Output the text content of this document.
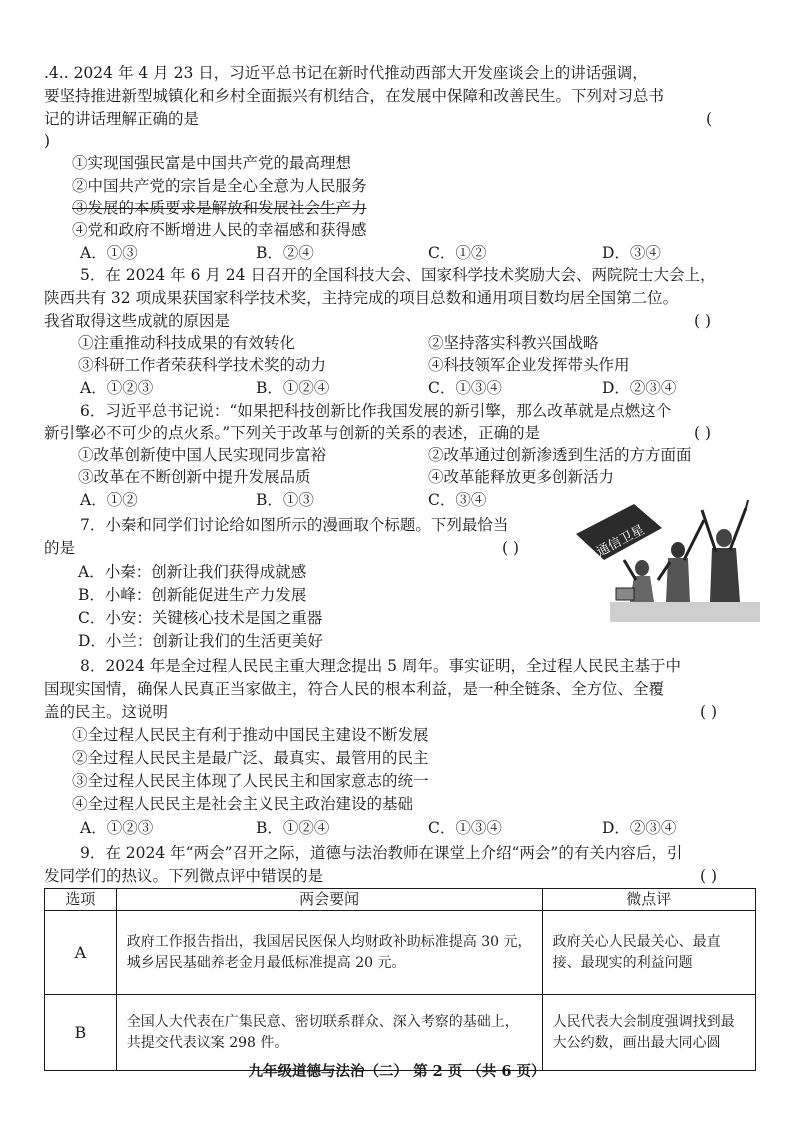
.4.. 2024 年 4 月 23 日，习近平总书记在新时代推动西部大开发座谈会上的讲话强调，
要坚持推进新型城镇化和乡村全面振兴有机结合，在发展中保障和改善民生。下列对习总书
记的讲话理解正确的是	(
)
①实现国强民富是中国共产党的最高理想
②中国共产党的宗旨是全心全意为人民服务
③发展的本质要求是解放和发展社会生产力
④党和政府不断增进人民的幸福感和获得感
A．①③	B．②④	C．①②	D．③④
5．在 2024 年 6 月 24 日召开的全国科技大会、国家科学技术奖励大会、两院院士大会上，
陕西共有 32 项成果获国家科学技术奖，主持完成的项目总数和通用项目数均居全国第二位。
我省取得这些成就的原因是	( )
①注重推动科技成果的有效转化	②坚持落实科教兴国战略
③科研工作者荣获科学技术奖的动力	④科技领军企业发挥带头作用
A．①②③	B．①②④	C．①③④	D．②③④
6．习近平总书记说：“如果把科技创新比作我国发展的新引擎，那么改革就是点燃这个
新引擎必不可少的点火系。”下列关于改革与创新的关系的表述，正确的是	( )
①改革创新使中国人民实现同步富裕	②改革通过创新渗透到生活的方方面面
③改革在不断创新中提升发展品质	④改革能释放更多创新活力
A．①②	B．①③	C．③④
7．小秦和同学们讨论给如图所示的漫画取个标题。下列最恰当
的是	( )
A．小秦：创新让我们获得成就感
B．小峰：创新能促进生产力发展
C．小安：关键核心技术是国之重器
D．小兰：创新让我们的生活更美好
通信卫星
8．2024 年是全过程人民民主重大理念提出 5 周年。事实证明，全过程人民民主基于中
国现实国情，确保人民真正当家做主，符合人民的根本利益，是一种全链条、全方位、全覆
盖的民主。这说明	( )
①全过程人民民主有利于推动中国民主建设不断发展
②全过程人民民主是最广泛、最真实、最管用的民主
③全过程人民民主体现了人民民主和国家意志的统一
④全过程人民民主是社会主义民主政治建设的基础
A．①②③	B．①②④	C．①③④	D．②③④
9．在 2024 年“两会”召开之际，道德与法治教师在课堂上介绍“两会”的有关内容后，引
发同学们的热议。下列微点评中错误的是	( )
选项	两会要闻	微点评
A	政府工作报告指出，我国居民医保人均财政补助标准提高 30 元，城乡居民基础养老金月最低标准提高 20 元。	政府关心人民最关心、最直接、最现实的利益问题
B	全国人大代表在广集民意、密切联系群众、深入考察的基础上，共提交代表议案 298 件。	人民代表大会制度强调找到最大公约数，画出最大同心圆
九年级道德与法治（二） 第 2 页 （共 6 页）
